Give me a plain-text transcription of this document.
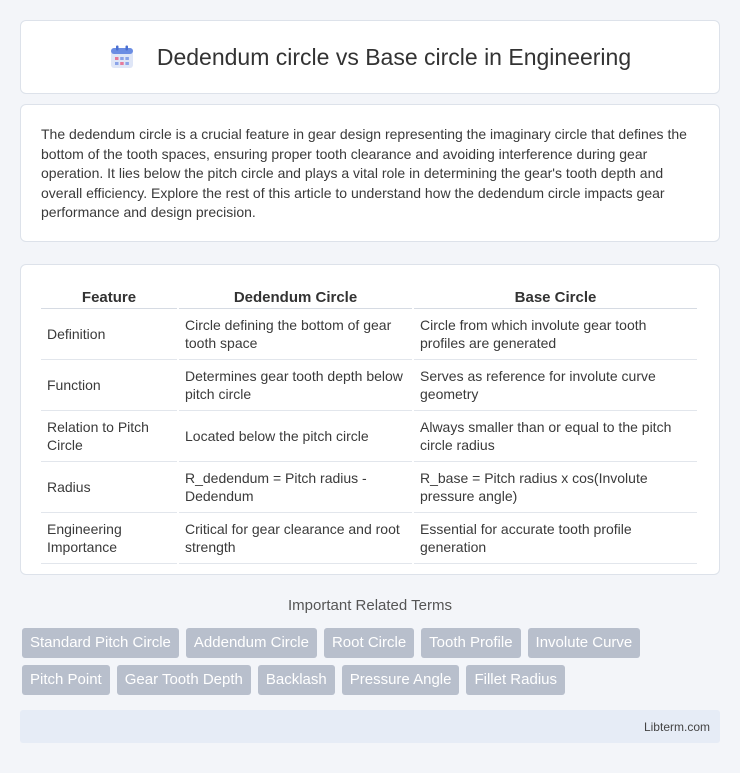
Dedendum circle vs Base circle in Engineering

The dedendum circle is a crucial feature in gear design representing the imaginary circle that defines the bottom of the tooth spaces, ensuring proper tooth clearance and avoiding interference during gear operation. It lies below the pitch circle and plays a vital role in determining the gear's tooth depth and overall efficiency. Explore the rest of this article to understand how the dedendum circle impacts gear performance and design precision.

Feature	Dedendum Circle	Base Circle
Definition	Circle defining the bottom of gear tooth space	Circle from which involute gear tooth profiles are generated
Function	Determines gear tooth depth below pitch circle	Serves as reference for involute curve geometry
Relation to Pitch Circle	Located below the pitch circle	Always smaller than or equal to the pitch circle radius
Radius	R_dedendum = Pitch radius - Dedendum	R_base = Pitch radius x cos(Involute pressure angle)
Engineering Importance	Critical for gear clearance and root strength	Essential for accurate tooth profile generation
Important Related Terms
Standard Pitch Circle	Addendum Circle	Root Circle	Tooth Profile	Involute Curve
Pitch Point	Gear Tooth Depth	Backlash	Pressure Angle	Fillet Radius
Libterm.com
